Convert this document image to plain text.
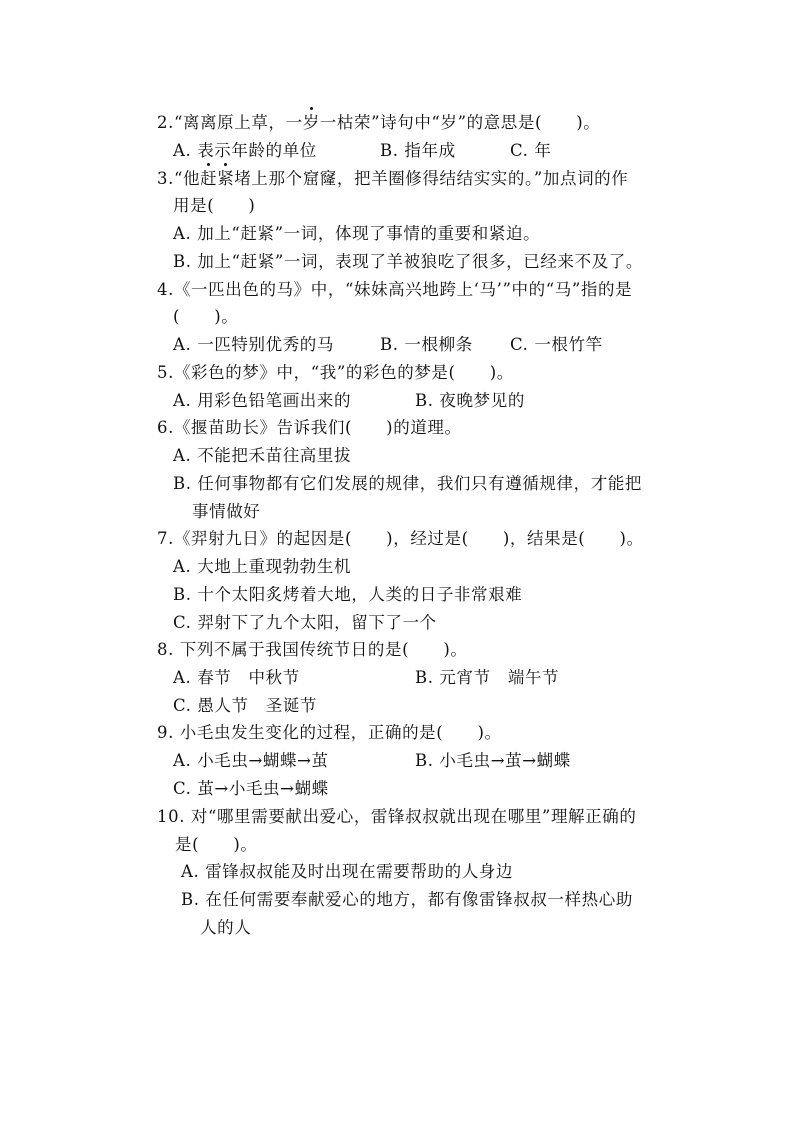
2.“离离原上草，一岁一枯荣”诗句中“岁”的意思是(　　)。
A. 表示年龄的单位	B. 指年成	C. 年
3.“他赶紧堵上那个窟窿，把羊圈修得结结实实的。”加点词的作
用是(　　)
A. 加上“赶紧”一词，体现了事情的重要和紧迫。
B. 加上“赶紧”一词，表现了羊被狼吃了很多，已经来不及了。
4.《一匹出色的马》中，“妹妹高兴地跨上‘马’”中的“马”指的是
(　　)。
A. 一匹特别优秀的马	B. 一根柳条 C. 一根竹竿
5.《彩色的梦》中，“我”的彩色的梦是(　　)。
A. 用彩色铅笔画出来的	B. 夜晚梦见的
6.《揠苗助长》告诉我们(　　)的道理。
A. 不能把禾苗往高里拔
B. 任何事物都有它们发展的规律，我们只有遵循规律，才能把
事情做好
7.《羿射九日》的起因是(　　)，经过是(　　)，结果是(　　)。
A. 大地上重现勃勃生机
B. 十个太阳炙烤着大地，人类的日子非常艰难
C. 羿射下了九个太阳，留下了一个
8. 下列不属于我国传统节日的是(　　)。
A. 春节　中秋节	B. 元宵节　端午节
C. 愚人节　圣诞节
9. 小毛虫发生变化的过程，正确的是(　　)。
A. 小毛虫→蝴蝶→茧	B. 小毛虫→茧→蝴蝶
C. 茧→小毛虫→蝴蝶
10. 对“哪里需要献出爱心，雷锋叔叔就出现在哪里”理解正确的
是(　　)。
A. 雷锋叔叔能及时出现在需要帮助的人身边
B. 在任何需要奉献爱心的地方，都有像雷锋叔叔一样热心助
人的人
